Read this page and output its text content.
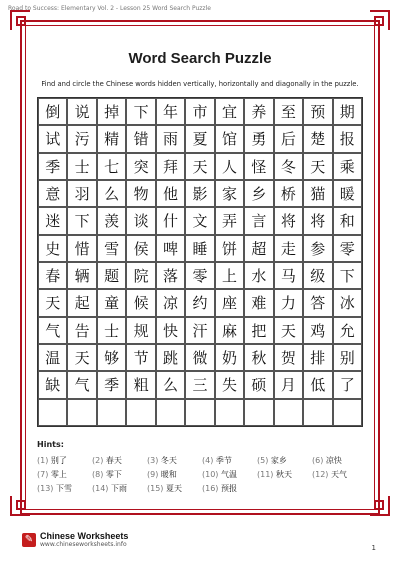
Road to Success: Elementary Vol. 2 - Lesson 25 Word Search Puzzle
Word Search Puzzle
Find and circle the Chinese words hidden vertically, horizontally and diagonally in the puzzle.
倒 说 掉 下 年 市 宜 养 至 预 期
试 污 精 错 雨 夏 馆 勇 后 楚 报
季 士 七 突 拜 天 人 怪 冬 天 乘
意 羽 么 物 他 影 家 乡 桥 猫 暖
迷 下 羡 谈 什 文 弄 言 将 将 和
史 惜 雪 侯 啤 睡 饼 超 走 参 零
春 辆 题 院 落 零 上 水 马 级 下
天 起 童 候 凉 约 座 难 力 答 冰
气 告 士 规 快 汗 麻 把 天 鸡 允
温 天 够 节 跳 微 奶 秋 贺 排 别
缺 气 季 粗 么 三 失 硕 月 低 了
Hints:
(1) 别了	(2) 春天	(3) 冬天	(4) 季节	(5) 家乡	(6) 凉快
(7) 零上	(8) 零下	(9) 暖和	(10) 气温	(11) 秋天	(12) 天气
(13) 下雪	(14) 下雨	(15) 夏天	(16) 预报
✎ Chinese Worksheets
www.chineseworksheets.info	1
